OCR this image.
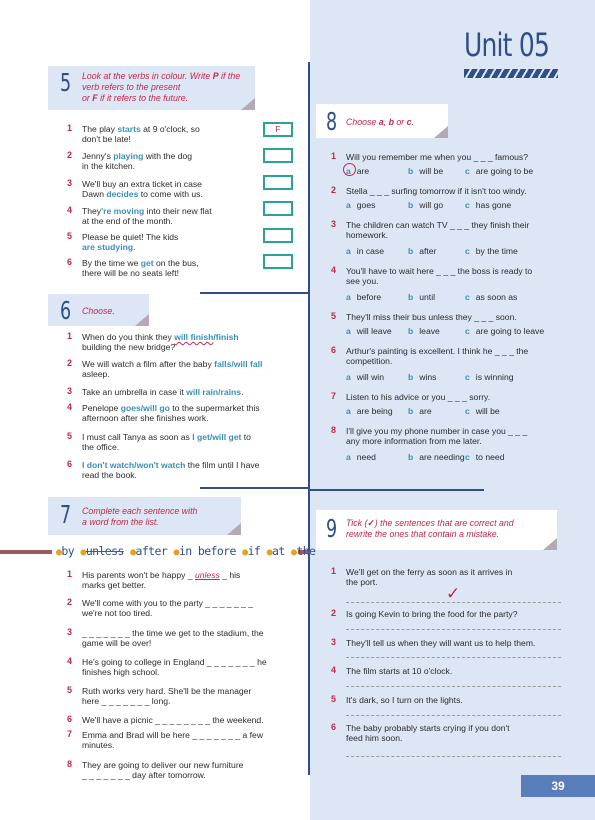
Unit 05
5 Look at the verbs in colour. Write P if the verb refers to the present
or F if it refers to the future.
1 The play starts at 9 o'clock, so
don't be late!
F
2 Jenny's playing with the dog
in the kitchen.
3 We'll buy an extra ticket in case
Dawn decides to come with us.
4 They're moving into their new flat
at the end of the month.
5 Please be quiet! The kids
are studying.
6 By the time we get on the bus,
there will be no seats left!
6 Choose.
1 When do you think they will finish/finish
building the new bridge?
2 We will watch a film after the baby falls/will fall
asleep.
3 Take an umbrella in case it will rain/rains.
4 Penelope goes/will go to the supermarket this
afternoon after she finishes work.
5 I must call Tanya as soon as I get/will get to
the office.
6 I don't watch/won't watch the film until I have
read the book.
7 Complete each sentence with
a word from the list.
●by ●unless ●after ●in before ●if ●at ●the
1 His parents won't be happy _ unless _ his
marks get better.
2 We'll come with you to the party _ _ _ _ _ _ _
we're not too tired.
3 _ _ _ _ _ _ _ the time we get to the stadium, the
game will be over!
4 He's going to college in England _ _ _ _ _ _ _ he
finishes high school.
5 Ruth works very hard. She'll be the manager
here _ _ _ _ _ _ _ long.
6 We'll have a picnic _ _ _ _ _ _ _ _ the weekend.
7 Emma and Brad will be here _ _ _ _ _ _ _ a few
minutes.
8 They are going to deliver our new furniture
_ _ _ _ _ _ _ day after tomorrow.
8 Choose a, b or c.
1 Will you remember me when you _ _ _ famous?
a are	b will be	c are going to be
2 Stella _ _ _ surfing tomorrow if it isn't too windy.
a goes	b will go	c has gone
3 The children can watch TV _ _ _ they finish their
homework.
a in case	b after	c by the time
4 You'll have to wait here _ _ _ the boss is ready to
see you.
a before	b until	c as soon as
5 They'll miss their bus unless they _ _ _ soon.
a will leave b leave	c are going to leave
6 Arthur's painting is excellent. I think he _ _ _ the
competition.
a will win	b wins	c is winning
7 Listen to his advice or you _ _ _ sorry.
a are being b are	c will be
8 I'll give you my phone number in case you _ _ _
any more information from me later.
a need	b are needing c to need
9 Tick (✓) the sentences that are correct and
rewrite the ones that contain a mistake.
1 We'll get on the ferry as soon as it arrives in
the port.
✓
2 Is going Kevin to bring the food for the party?
3 They'll tell us when they will want us to help them.
4 The film starts at 10 o'clock.
5 It's dark, so I turn on the lights.
6 The baby probably starts crying if you don't
feed him soon.
39
